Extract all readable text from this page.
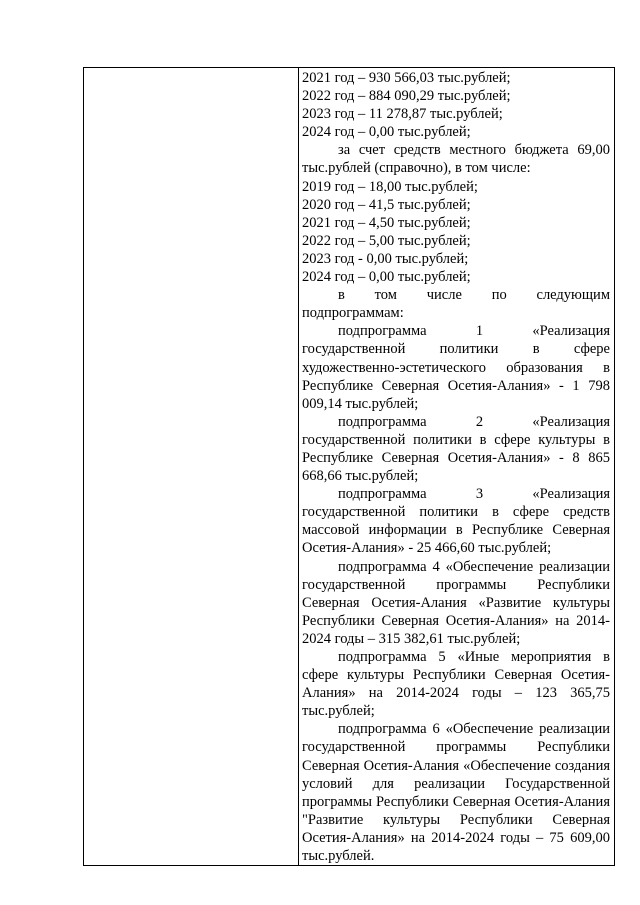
2021 год – 930 566,03 тыс.рублей;

2022 год – 884 090,29 тыс.рублей;

2023 год – 11 278,87 тыс.рублей;

2024 год – 0,00 тыс.рублей;

за счет средств местного бюджета 69,00 тыс.рублей (справочно), в том числе:

2019 год – 18,00 тыс.рублей;

2020 год – 41,5 тыс.рублей;

2021 год – 4,50 тыс.рублей;

2022 год – 5,00 тыс.рублей;

2023 год - 0,00 тыс.рублей;

2024 год – 0,00 тыс.рублей;

в том числе по следующим подпрограммам:

подпрограмма 1 «Реализация государственной политики в сфере художественно-эстетического образования в Республике Северная Осетия-Алания» - 1 798 009,14 тыс.рублей;

подпрограмма 2 «Реализация государственной политики в сфере культуры в Республике Северная Осетия-Алания» - 8 865 668,66 тыс.рублей;

подпрограмма 3 «Реализация государственной политики в сфере средств массовой информации в Республике Северная Осетия-Алания» - 25 466,60 тыс.рублей;

подпрограмма 4 «Обеспечение реализации государственной программы Республики Северная Осетия-Алания «Развитие культуры Республики Северная Осетия-Алания» на 2014-2024 годы – 315 382,61 тыс.рублей;

подпрограмма 5 «Иные мероприятия в сфере культуры Республики Северная Осетия-Алания» на 2014-2024 годы – 123 365,75 тыс.рублей;

подпрограмма 6 «Обеспечение реализации государственной программы Республики Северная Осетия-Алания «Обеспечение создания условий для реализации Государственной программы Республики Северная Осетия-Алания "Развитие культуры Республики Северная Осетия-Алания» на 2014-2024 годы – 75 609,00 тыс.рублей.
